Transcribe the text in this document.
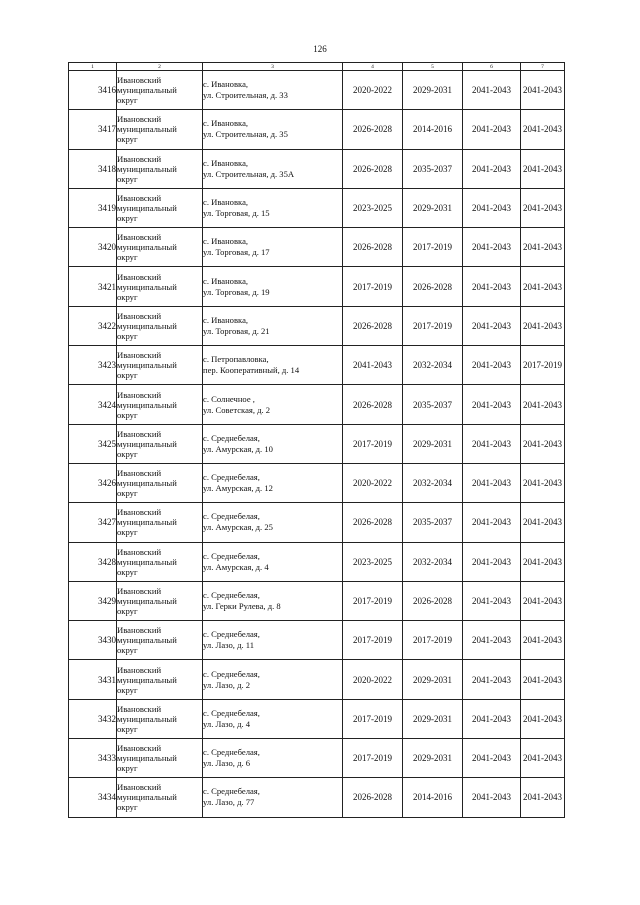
126
1	2	3	4	5	6	7
3416	Ивановский
муниципальный
округ	с. Ивановка,
ул. Строительная, д. 33	2020-2022	2029-2031	2041-2043	2041-2043
3417	Ивановский
муниципальный
округ	с. Ивановка,
ул. Строительная, д. 35	2026-2028	2014-2016	2041-2043	2041-2043
3418	Ивановский
муниципальный
округ	с. Ивановка,
ул. Строительная, д. 35А	2026-2028	2035-2037	2041-2043	2041-2043
3419	Ивановский
муниципальный
округ	с. Ивановка,
ул. Торговая, д. 15	2023-2025	2029-2031	2041-2043	2041-2043
3420	Ивановский
муниципальный
округ	с. Ивановка,
ул. Торговая, д. 17	2026-2028	2017-2019	2041-2043	2041-2043
3421	Ивановский
муниципальный
округ	с. Ивановка,
ул. Торговая, д. 19	2017-2019	2026-2028	2041-2043	2041-2043
3422	Ивановский
муниципальный
округ	с. Ивановка,
ул. Торговая, д. 21	2026-2028	2017-2019	2041-2043	2041-2043
3423	Ивановский
муниципальный
округ	с. Петропавловка,
пер. Кооперативный, д. 14	2041-2043	2032-2034	2041-2043	2017-2019
3424	Ивановский
муниципальный
округ	с. Солнечное ,
ул. Советская, д. 2	2026-2028	2035-2037	2041-2043	2041-2043
3425	Ивановский
муниципальный
округ	с. Среднебелая,
ул. Амурская, д. 10	2017-2019	2029-2031	2041-2043	2041-2043
3426	Ивановский
муниципальный
округ	с. Среднебелая,
ул. Амурская, д. 12	2020-2022	2032-2034	2041-2043	2041-2043
3427	Ивановский
муниципальный
округ	с. Среднебелая,
ул. Амурская, д. 25	2026-2028	2035-2037	2041-2043	2041-2043
3428	Ивановский
муниципальный
округ	с. Среднебелая,
ул. Амурская, д. 4	2023-2025	2032-2034	2041-2043	2041-2043
3429	Ивановский
муниципальный
округ	с. Среднебелая,
ул. Герки Рулева, д. 8	2017-2019	2026-2028	2041-2043	2041-2043
3430	Ивановский
муниципальный
округ	с. Среднебелая,
ул. Лазо, д. 11	2017-2019	2017-2019	2041-2043	2041-2043
3431	Ивановский
муниципальный
округ	с. Среднебелая,
ул. Лазо, д. 2	2020-2022	2029-2031	2041-2043	2041-2043
3432	Ивановский
муниципальный
округ	с. Среднебелая,
ул. Лазо, д. 4	2017-2019	2029-2031	2041-2043	2041-2043
3433	Ивановский
муниципальный
округ	с. Среднебелая,
ул. Лазо, д. 6	2017-2019	2029-2031	2041-2043	2041-2043
3434	Ивановский
муниципальный
округ	с. Среднебелая,
ул. Лазо, д. 77	2026-2028	2014-2016	2041-2043	2041-2043
